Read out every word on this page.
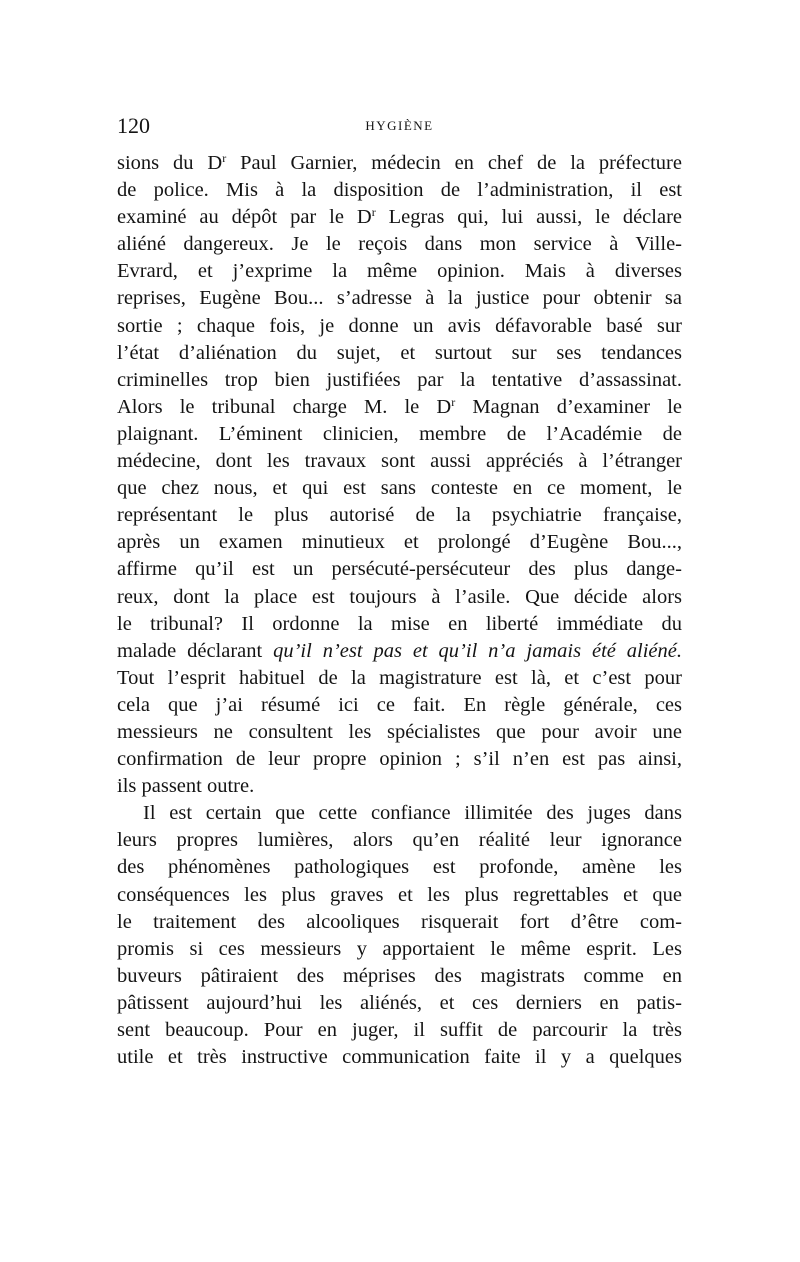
120	HYGIÈNE
sions du $D^r$ Paul Garnier, médecin en chef de la préfecture
de police. Mis à la disposition de l’administration, il est
examiné au dépôt par le $D^r$ Legras qui, lui aussi, le déclare
aliéné dangereux. Je le reçois dans mon service à Ville-
Evrard, et j’exprime la même opinion. Mais à diverses
reprises, Eugène Bou... s’adresse à la justice pour obtenir sa
sortie ; chaque fois, je donne un avis défavorable basé sur
l’état d’aliénation du sujet, et surtout sur ses tendances
criminelles trop bien justifiées par la tentative d’assassinat.
Alors le tribunal charge M. le $D^r$ Magnan d’examiner le
plaignant. L’éminent clinicien, membre de l’Académie de
médecine, dont les travaux sont aussi appréciés à l’étranger
que chez nous, et qui est sans conteste en ce moment, le
représentant le plus autorisé de la psychiatrie française,
après un examen minutieux et prolongé d’Eugène Bou...,
affirme qu’il est un persécuté-persécuteur des plus dange-
reux, dont la place est toujours à l’asile. Que décide alors
le tribunal? Il ordonne la mise en liberté immédiate du
malade déclarant qu’il n’est pas et qu’il n’a jamais été aliéné.
Tout l’esprit habituel de la magistrature est là, et c’est pour
cela que j’ai résumé ici ce fait. En règle générale, ces
messieurs ne consultent les spécialistes que pour avoir une
confirmation de leur propre opinion ; s’il n’en est pas ainsi,
ils passent outre.
Il est certain que cette confiance illimitée des juges dans
leurs propres lumières, alors qu’en réalité leur ignorance
des phénomènes pathologiques est profonde, amène les
conséquences les plus graves et les plus regrettables et que
le traitement des alcooliques risquerait fort d’être com-
promis si ces messieurs y apportaient le même esprit. Les
buveurs pâtiraient des méprises des magistrats comme en
pâtissent aujourd’hui les aliénés, et ces derniers en patis-
sent beaucoup. Pour en juger, il suffit de parcourir la très
utile et très instructive communication faite il y a quelques
